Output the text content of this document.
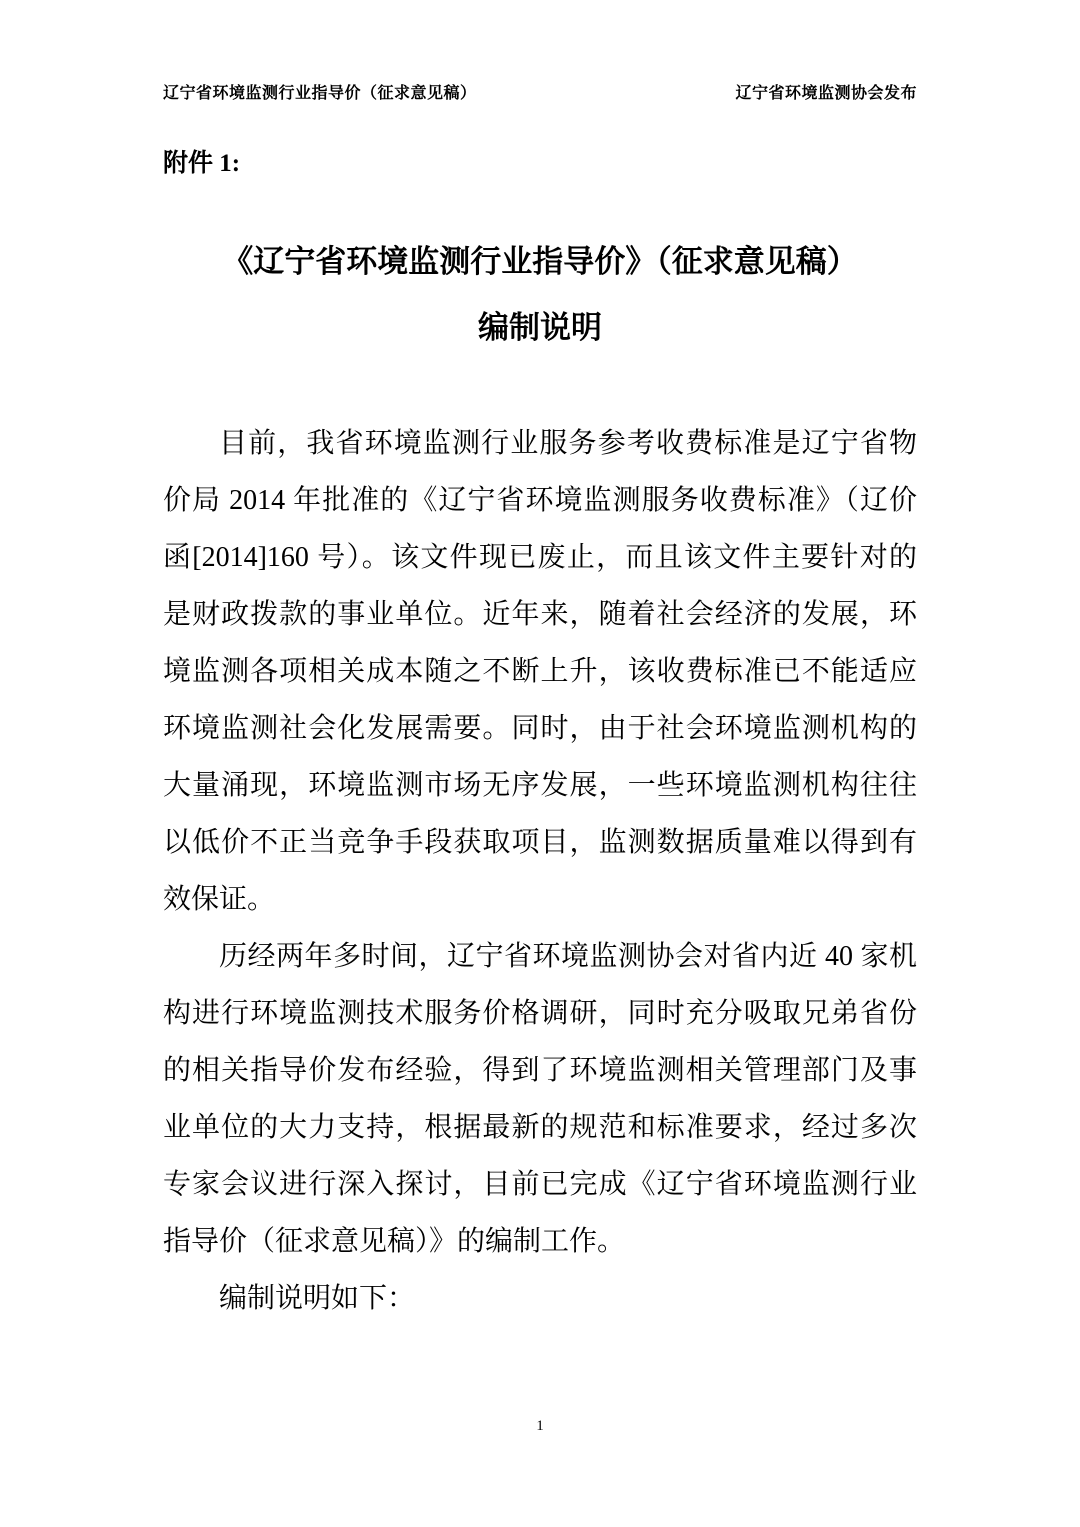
辽宁省环境监测行业指导价（征求意见稿）	辽宁省环境监测协会发布
附件 1:
《辽宁省环境监测行业指导价》（征求意见稿）
编制说明
目前，我省环境监测行业服务参考收费标准是辽宁省物
价局 2014 年批准的《辽宁省环境监测服务收费标准》（辽价
函[2014]160 号）。该文件现已废止，而且该文件主要针对的
是财政拨款的事业单位。近年来，随着社会经济的发展，环
境监测各项相关成本随之不断上升，该收费标准已不能适应
环境监测社会化发展需要。同时，由于社会环境监测机构的
大量涌现，环境监测市场无序发展，一些环境监测机构往往
以低价不正当竞争手段获取项目，监测数据质量难以得到有
效保证。
历经两年多时间，辽宁省环境监测协会对省内近 40 家机
构进行环境监测技术服务价格调研，同时充分吸取兄弟省份
的相关指导价发布经验，得到了环境监测相关管理部门及事
业单位的大力支持，根据最新的规范和标准要求，经过多次
专家会议进行深入探讨，目前已完成《辽宁省环境监测行业
指导价（征求意见稿）》的编制工作。
编制说明如下：
1
